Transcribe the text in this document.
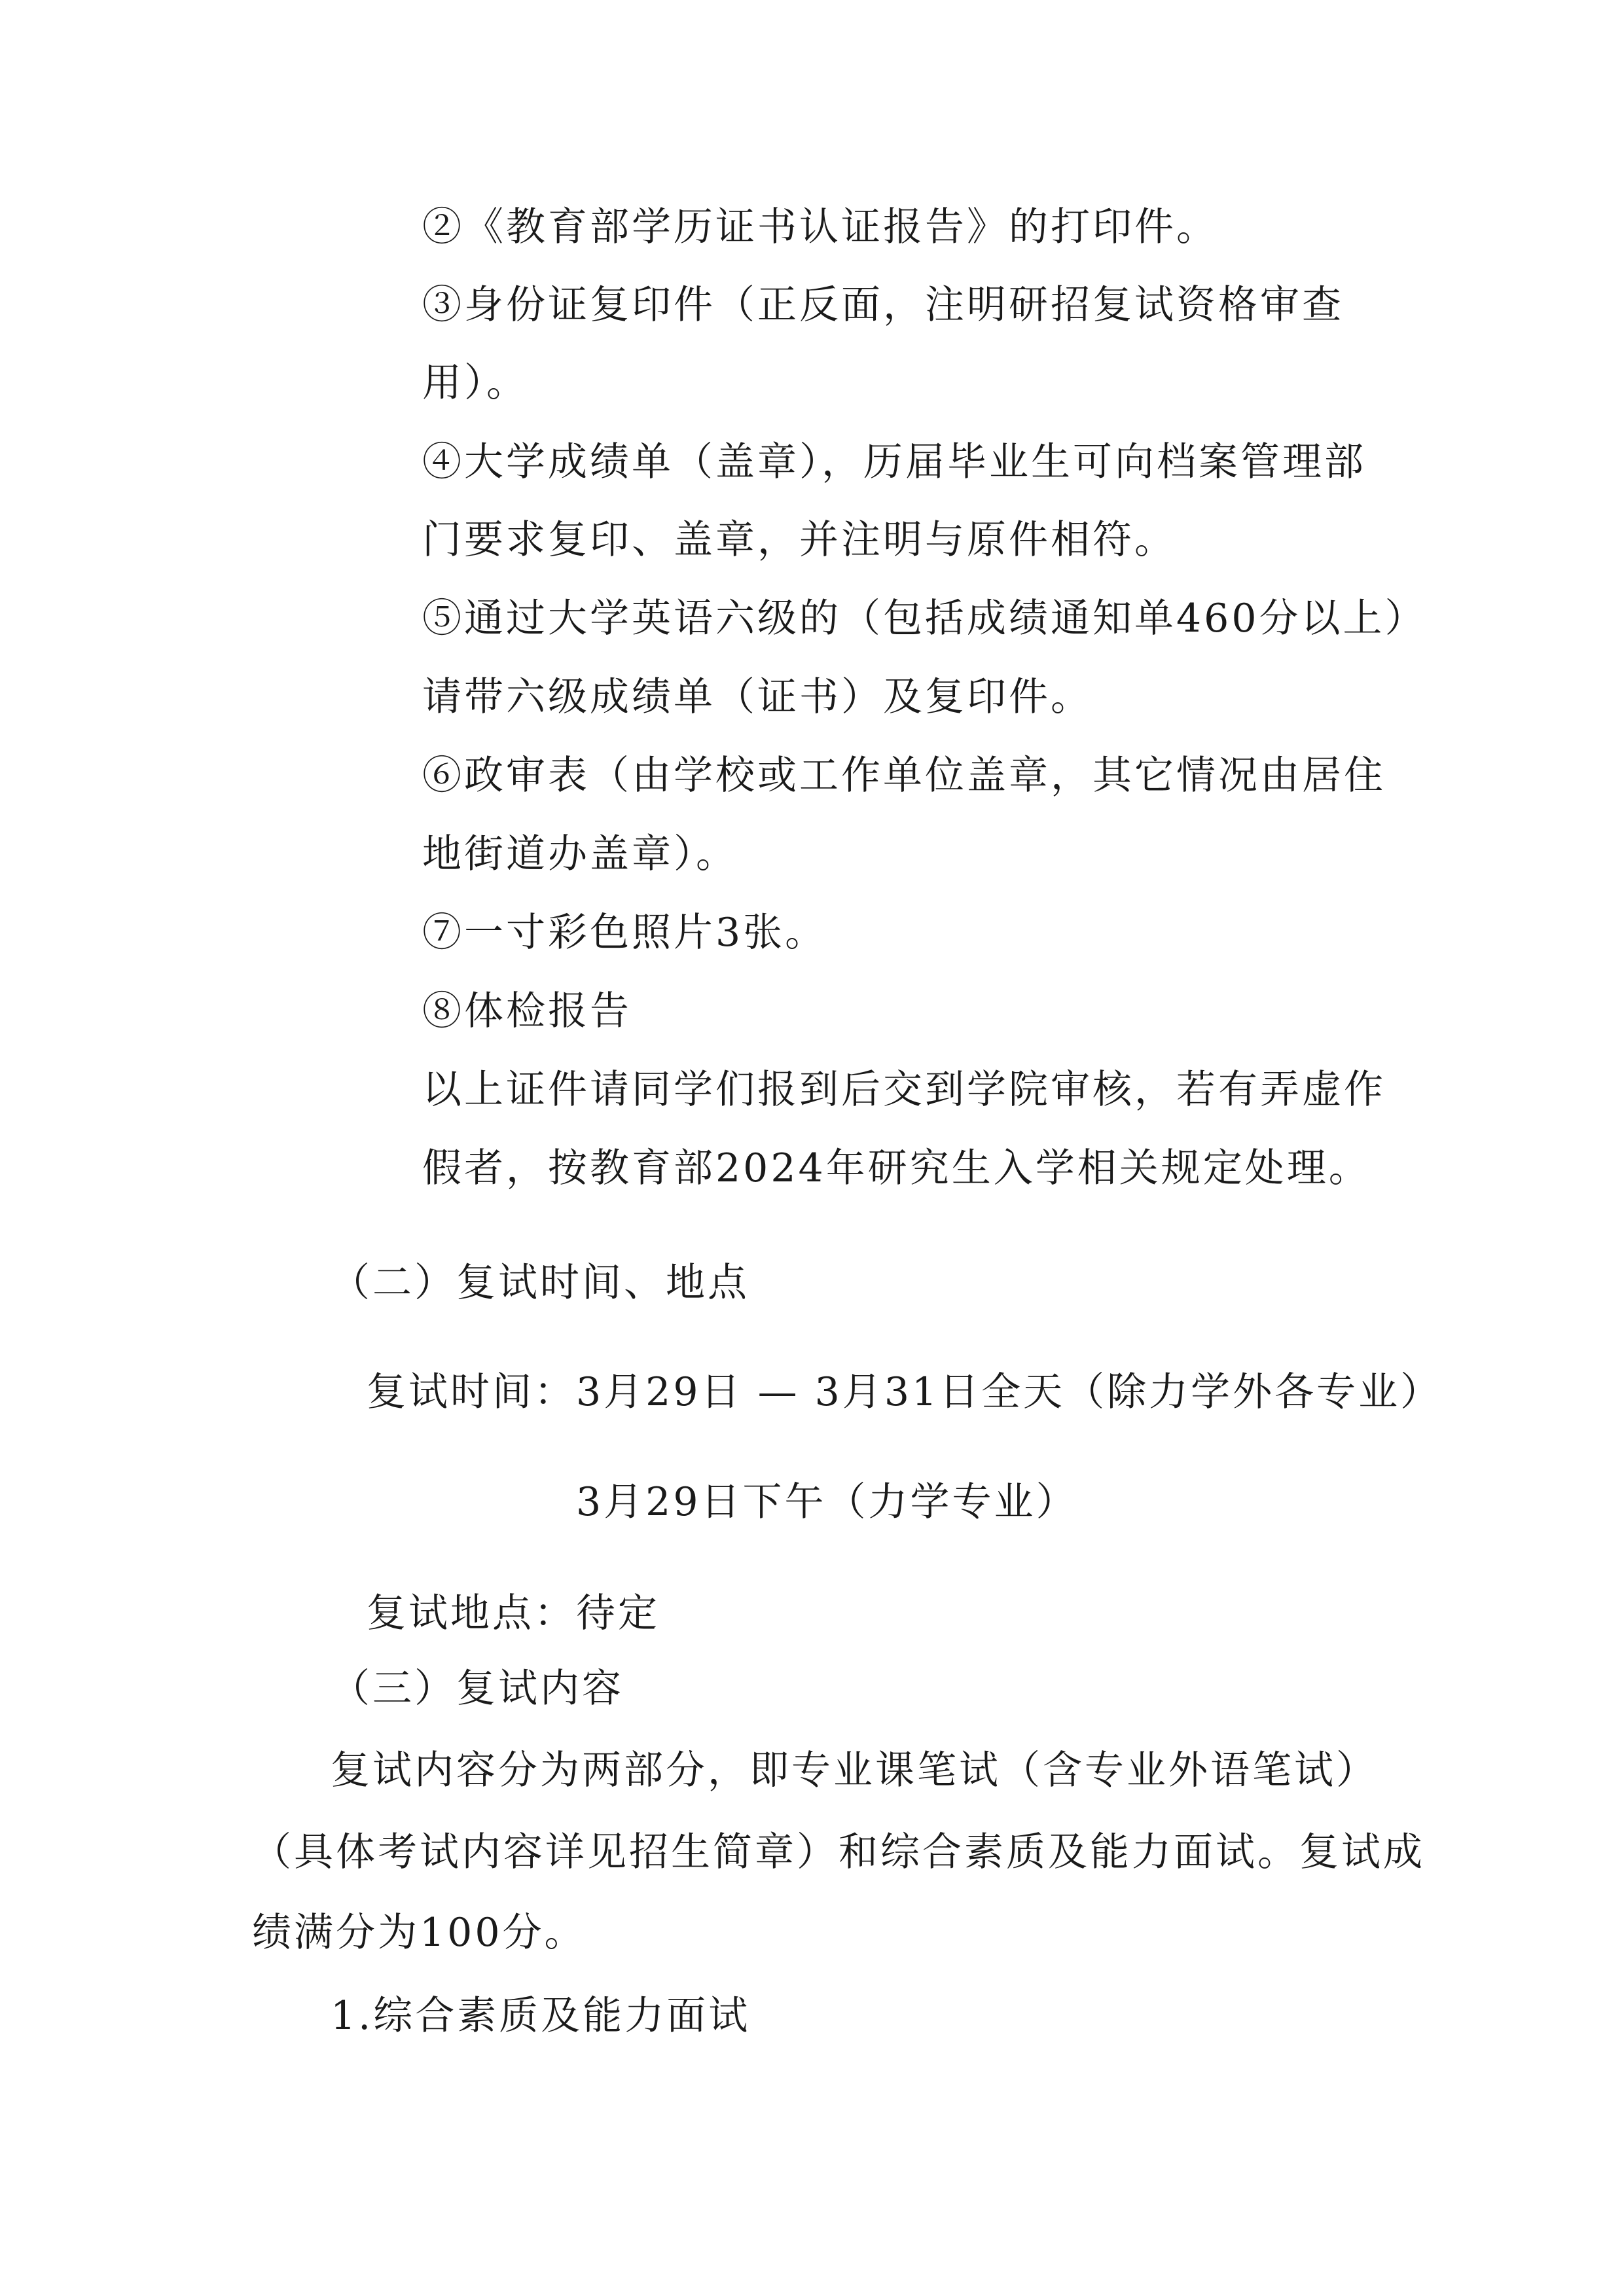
②《教育部学历证书认证报告》的打印件。
③身份证复印件（正反面，注明研招复试资格审查
用）。
④大学成绩单（盖章），历届毕业生可向档案管理部
门要求复印、盖章，并注明与原件相符。
⑤通过大学英语六级的（包括成绩通知单460分以上）
请带六级成绩单（证书）及复印件。
⑥政审表（由学校或工作单位盖章，其它情况由居住
地街道办盖章）。
⑦一寸彩色照片3张。
⑧体检报告
以上证件请同学们报到后交到学院审核，若有弄虚作
假者，按教育部2024年研究生入学相关规定处理。
（二）复试时间、地点
复试时间：3月29日 — 3月31日全天（除力学外各专业）
3月29日下午（力学专业）
复试地点：待定
（三）复试内容
复试内容分为两部分，即专业课笔试（含专业外语笔试）
（具体考试内容详见招生简章）和综合素质及能力面试。复试成
绩满分为100分。
1.综合素质及能力面试
